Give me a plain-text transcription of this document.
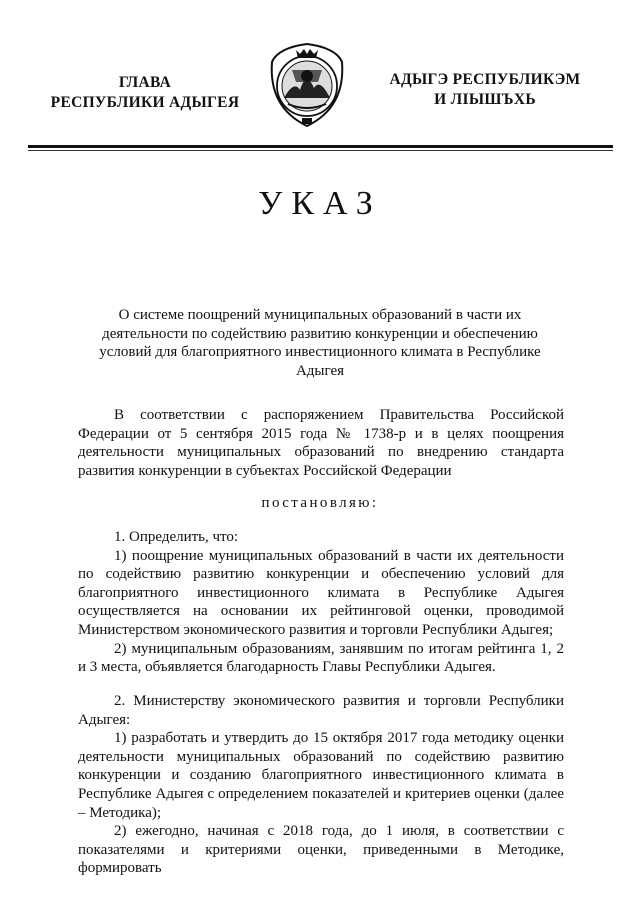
ГЛАВА
РЕСПУБЛИКИ АДЫГЕЯ
АДЫГЭ РЕСПУБЛИКЭМ
И ЛІЫШЪХЬ
УКАЗ
О системе поощрений муниципальных образований в части их деятельности по содействию развитию конкуренции и обеспечению условий для благоприятного инвестиционного климата в Республике Адыгея

В соответствии с распоряжением Правительства Российской Федерации от 5 сентября 2015 года № 1738-р и в целях поощрения деятельности муниципальных образований по внедрению стандарта развития конкуренции в субъектах Российской Федерации

постановляю:

1. Определить, что:

1) поощрение муниципальных образований в части их деятельности по содействию развитию конкуренции и обеспечению условий для благоприятного инвестиционного климата в Республике Адыгея осуществляется на основании их рейтинговой оценки, проводимой Министерством экономического развития и торговли Республики Адыгея;

2) муниципальным образованиям, занявшим по итогам рейтинга 1, 2 и 3 места, объявляется благодарность Главы Республики Адыгея.

2. Министерству экономического развития и торговли Республики Адыгея:

1) разработать и утвердить до 15 октября 2017 года методику оценки деятельности муниципальных образований по содействию развитию конкуренции и созданию благоприятного инвестиционного климата в Республике Адыгея с определением показателей и критериев оценки (далее – Методика);

2) ежегодно, начиная с 2018 года, до 1 июля, в соответствии с показателями и критериями оценки, приведенными в Методике, формировать
